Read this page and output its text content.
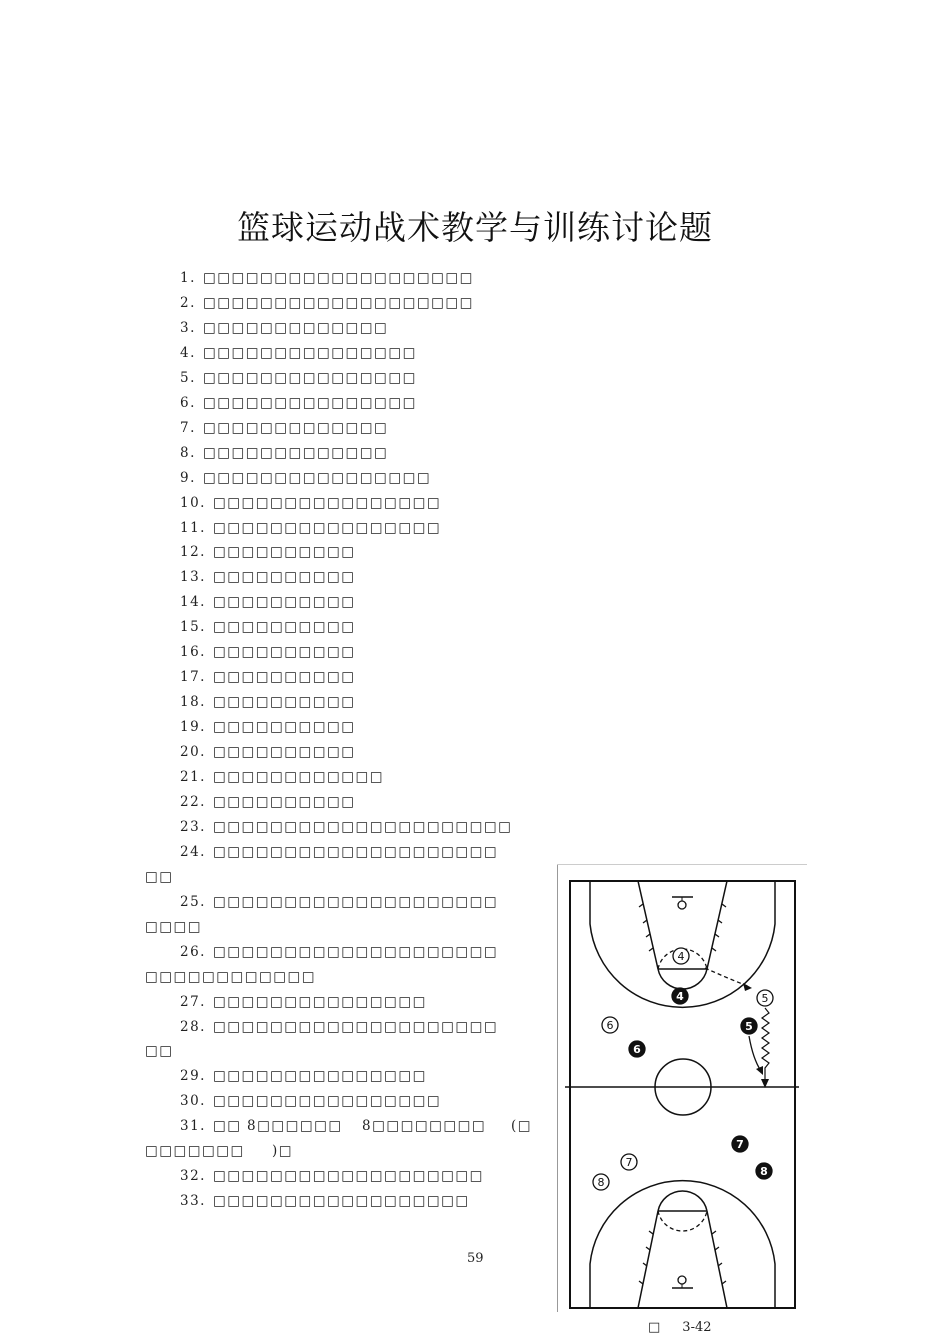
篮球运动战术教学与训练讨论题
1. □□□□□□□□□□□□□□□□□□□
2. □□□□□□□□□□□□□□□□□□□
3. □□□□□□□□□□□□□
4. □□□□□□□□□□□□□□□
5. □□□□□□□□□□□□□□□
6. □□□□□□□□□□□□□□□
7. □□□□□□□□□□□□□
8. □□□□□□□□□□□□□
9. □□□□□□□□□□□□□□□□
10. □□□□□□□□□□□□□□□□
11. □□□□□□□□□□□□□□□□
12. □□□□□□□□□□
13. □□□□□□□□□□
14. □□□□□□□□□□
15. □□□□□□□□□□
16. □□□□□□□□□□
17. □□□□□□□□□□
18. □□□□□□□□□□
19. □□□□□□□□□□
20. □□□□□□□□□□
21. □□□□□□□□□□□□
22. □□□□□□□□□□
23. □□□□□□□□□□□□□□□□□□□□□
24. □□□□□□□□□□□□□□□□□□□□
□□
25. □□□□□□□□□□□□□□□□□□□□
□□□□
26. □□□□□□□□□□□□□□□□□□□□
□□□□□□□□□□□□
27. □□□□□□□□□□□□□□□
28. □□□□□□□□□□□□□□□□□□□□
□□
29. □□□□□□□□□□□□□□□
30. □□□□□□□□□□□□□□□□
31. □□ 8□□□□□□ 8□□□□□□□□ (□
□□□□□□□ )□
32. □□□□□□□□□□□□□□□□□□□
33. □□□□□□□□□□□□□□□□□□
59
4
4	5
5
6
6
7
7
8
8
□ 3-42
